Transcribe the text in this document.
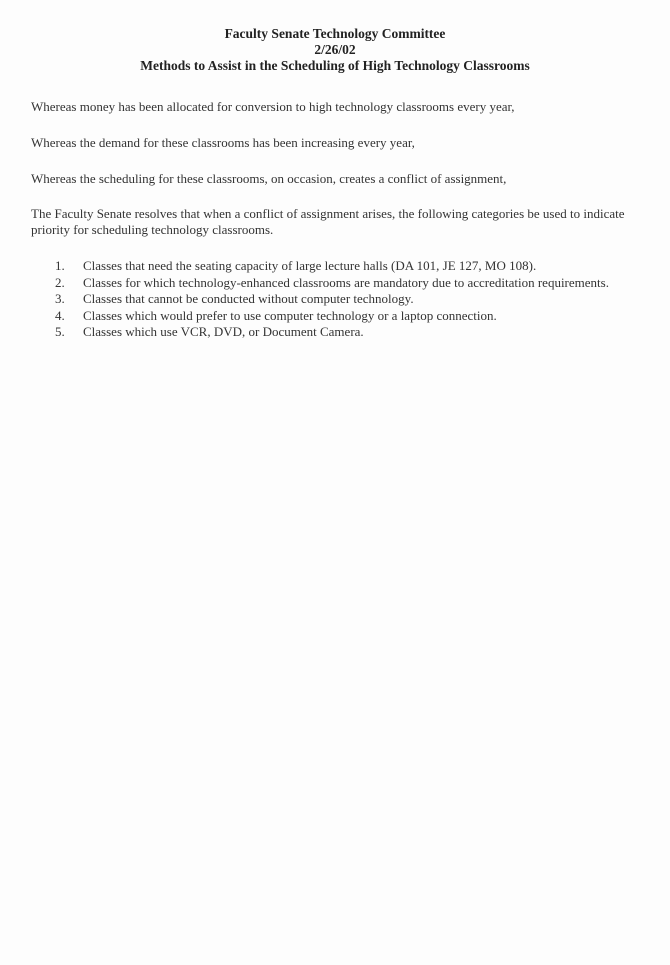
Faculty Senate Technology Committee
2/26/02
Methods to Assist in the Scheduling of High Technology Classrooms
Whereas money has been allocated for conversion to high technology classrooms every year,
Whereas the demand for these classrooms has been increasing every year,
Whereas the scheduling for these classrooms, on occasion, creates a conflict of assignment,
The Faculty Senate resolves that when a conflict of assignment arises, the following categories be used to indicate priority for scheduling technology classrooms.
1. Classes that need the seating capacity of large lecture halls (DA 101, JE 127, MO 108).
2. Classes for which technology-enhanced classrooms are mandatory due to accreditation requirements.
3. Classes that cannot be conducted without computer technology.
4. Classes which would prefer to use computer technology or a laptop connection.
5. Classes which use VCR, DVD, or Document Camera.
